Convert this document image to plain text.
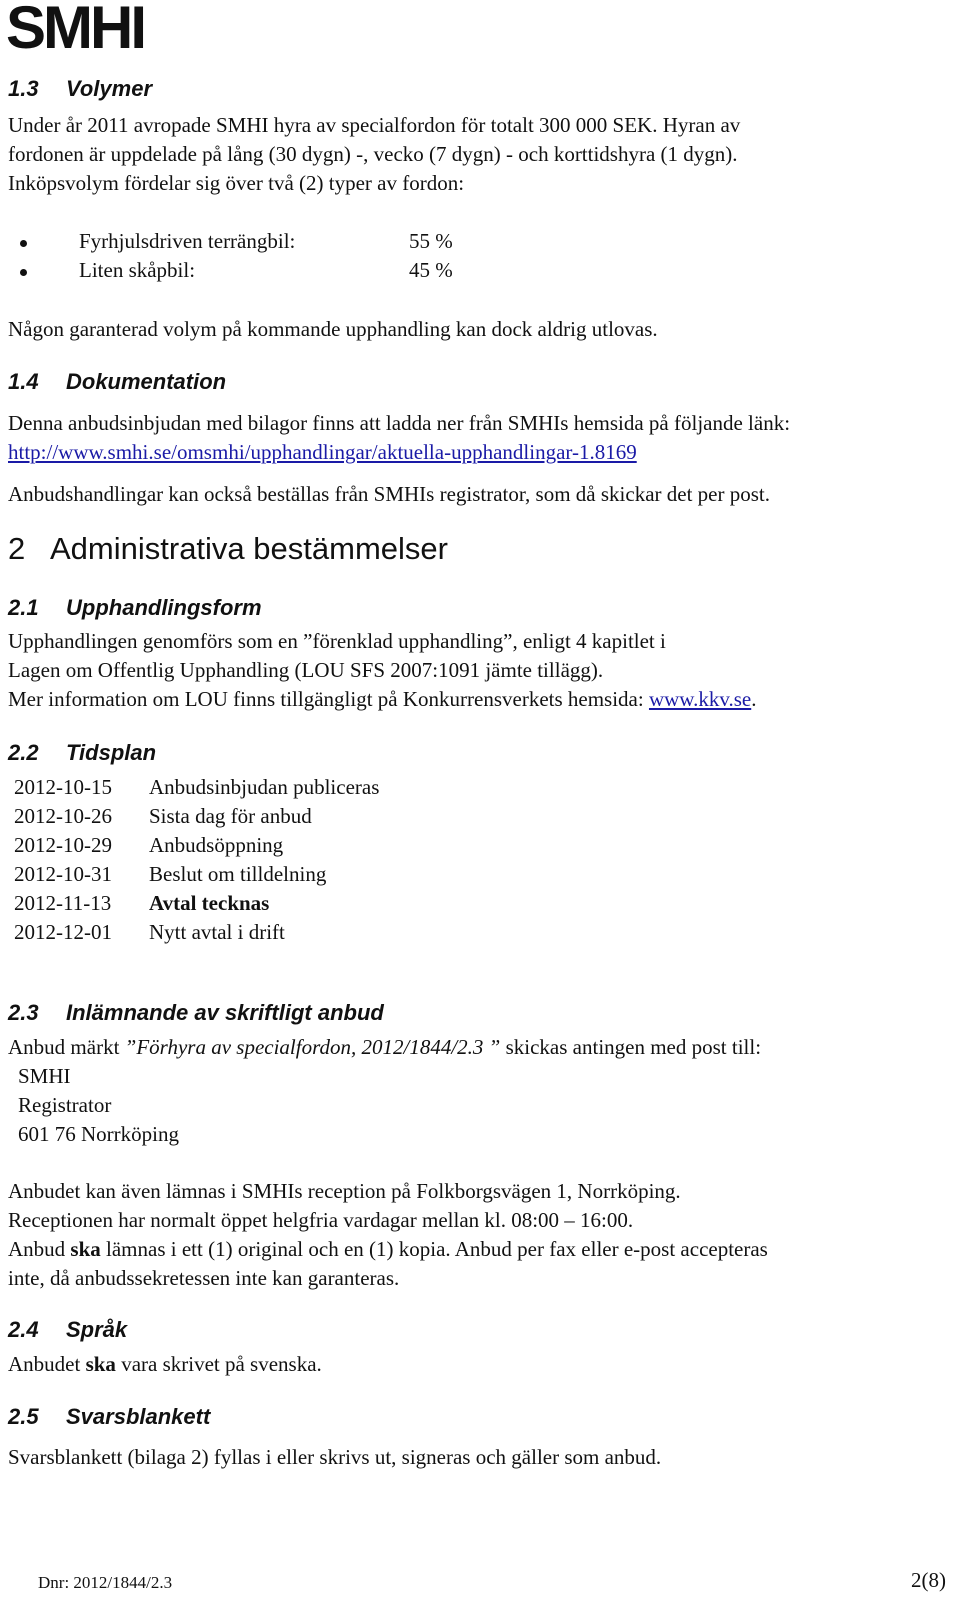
SMHI
1.3 Volymer
Under år 2011 avropade SMHI hyra av specialfordon för totalt 300 000 SEK. Hyran av
fordonen är uppdelade på lång (30 dygn) -, vecko (7 dygn) - och korttidshyra (1 dygn).
Inköpsvolym fördelar sig över två (2) typer av fordon:
Fyrhjulsdriven terrängbil:	55 %
Liten skåpbil:	45 %
Någon garanterad volym på kommande upphandling kan dock aldrig utlovas.
1.4 Dokumentation
Denna anbudsinbjudan med bilagor finns att ladda ner från SMHIs hemsida på följande länk:
http://www.smhi.se/omsmhi/upphandlingar/aktuella-upphandlingar-1.8169
Anbudshandlingar kan också beställas från SMHIs registrator, som då skickar det per post.
2 Administrativa bestämmelser
2.1 Upphandlingsform
Upphandlingen genomförs som en ”förenklad upphandling”, enligt 4 kapitlet i
Lagen om Offentlig Upphandling (LOU SFS 2007:1091 jämte tillägg).
Mer information om LOU finns tillgängligt på Konkurrensverkets hemsida: www.kkv.se.
2.2 Tidsplan
2012-10-15 Anbudsinbjudan publiceras
2012-10-26 Sista dag för anbud
2012-10-29 Anbudsöppning
2012-10-31 Beslut om tilldelning
2012-11-13 Avtal tecknas
2012-12-01 Nytt avtal i drift
2.3 Inlämnande av skriftligt anbud
Anbud märkt ”Förhyra av specialfordon, 2012/1844/2.3 ” skickas antingen med post till:
SMHI
Registrator
601 76 Norrköping
Anbudet kan även lämnas i SMHIs reception på Folkborgsvägen 1, Norrköping.
Receptionen har normalt öppet helgfria vardagar mellan kl. 08:00 – 16:00.
Anbud ska lämnas i ett (1) original och en (1) kopia. Anbud per fax eller e-post accepteras
inte, då anbudssekretessen inte kan garanteras.
2.4 Språk
Anbudet ska vara skrivet på svenska.
2.5 Svarsblankett
Svarsblankett (bilaga 2) fyllas i eller skrivs ut, signeras och gäller som anbud.
Dnr: 2012/1844/2.3	2(8)
